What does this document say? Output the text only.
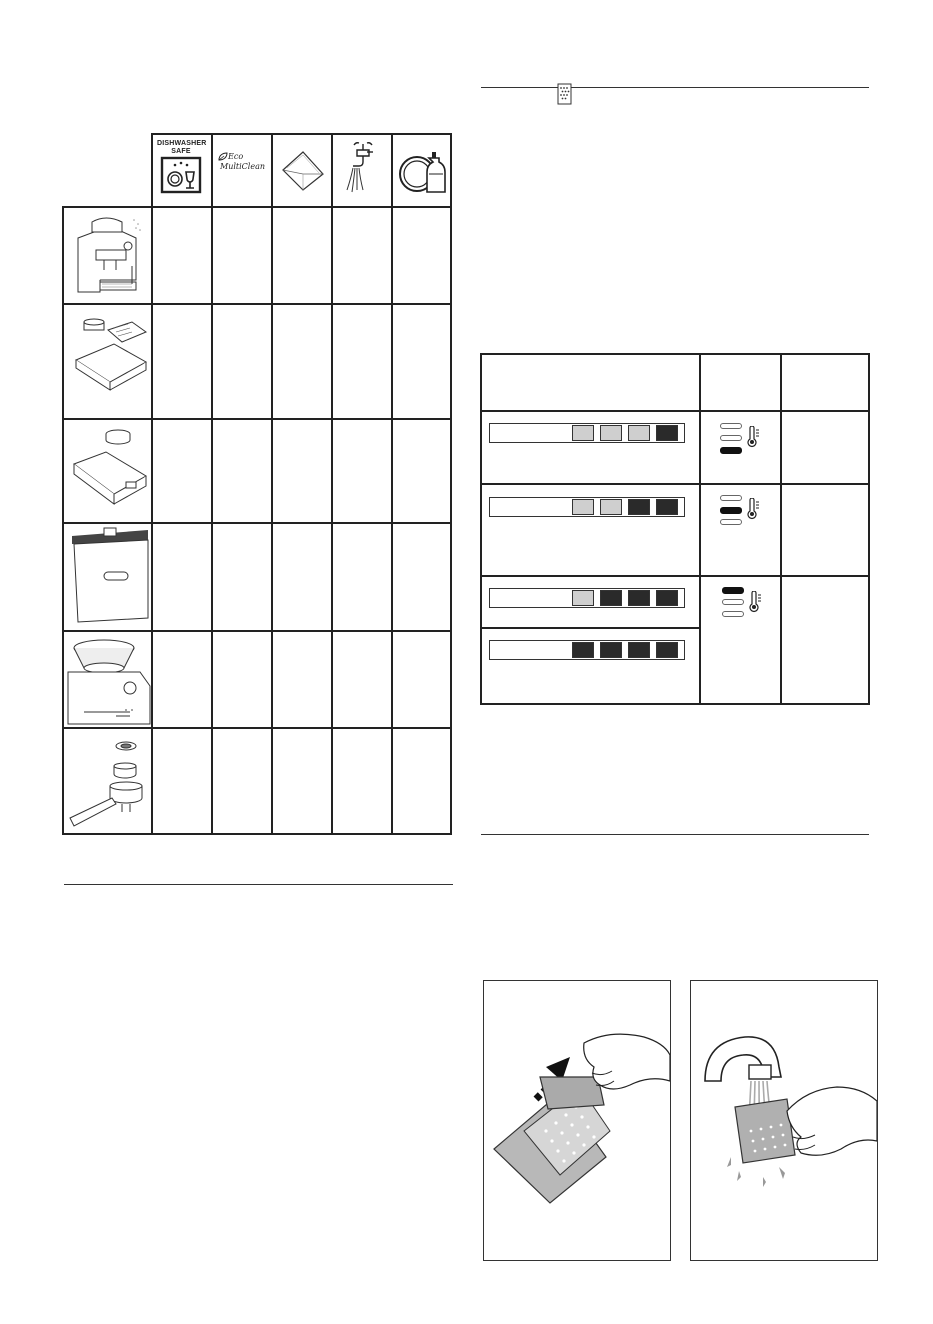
DISHWASHER
SAFE
Eco
MultiClean
